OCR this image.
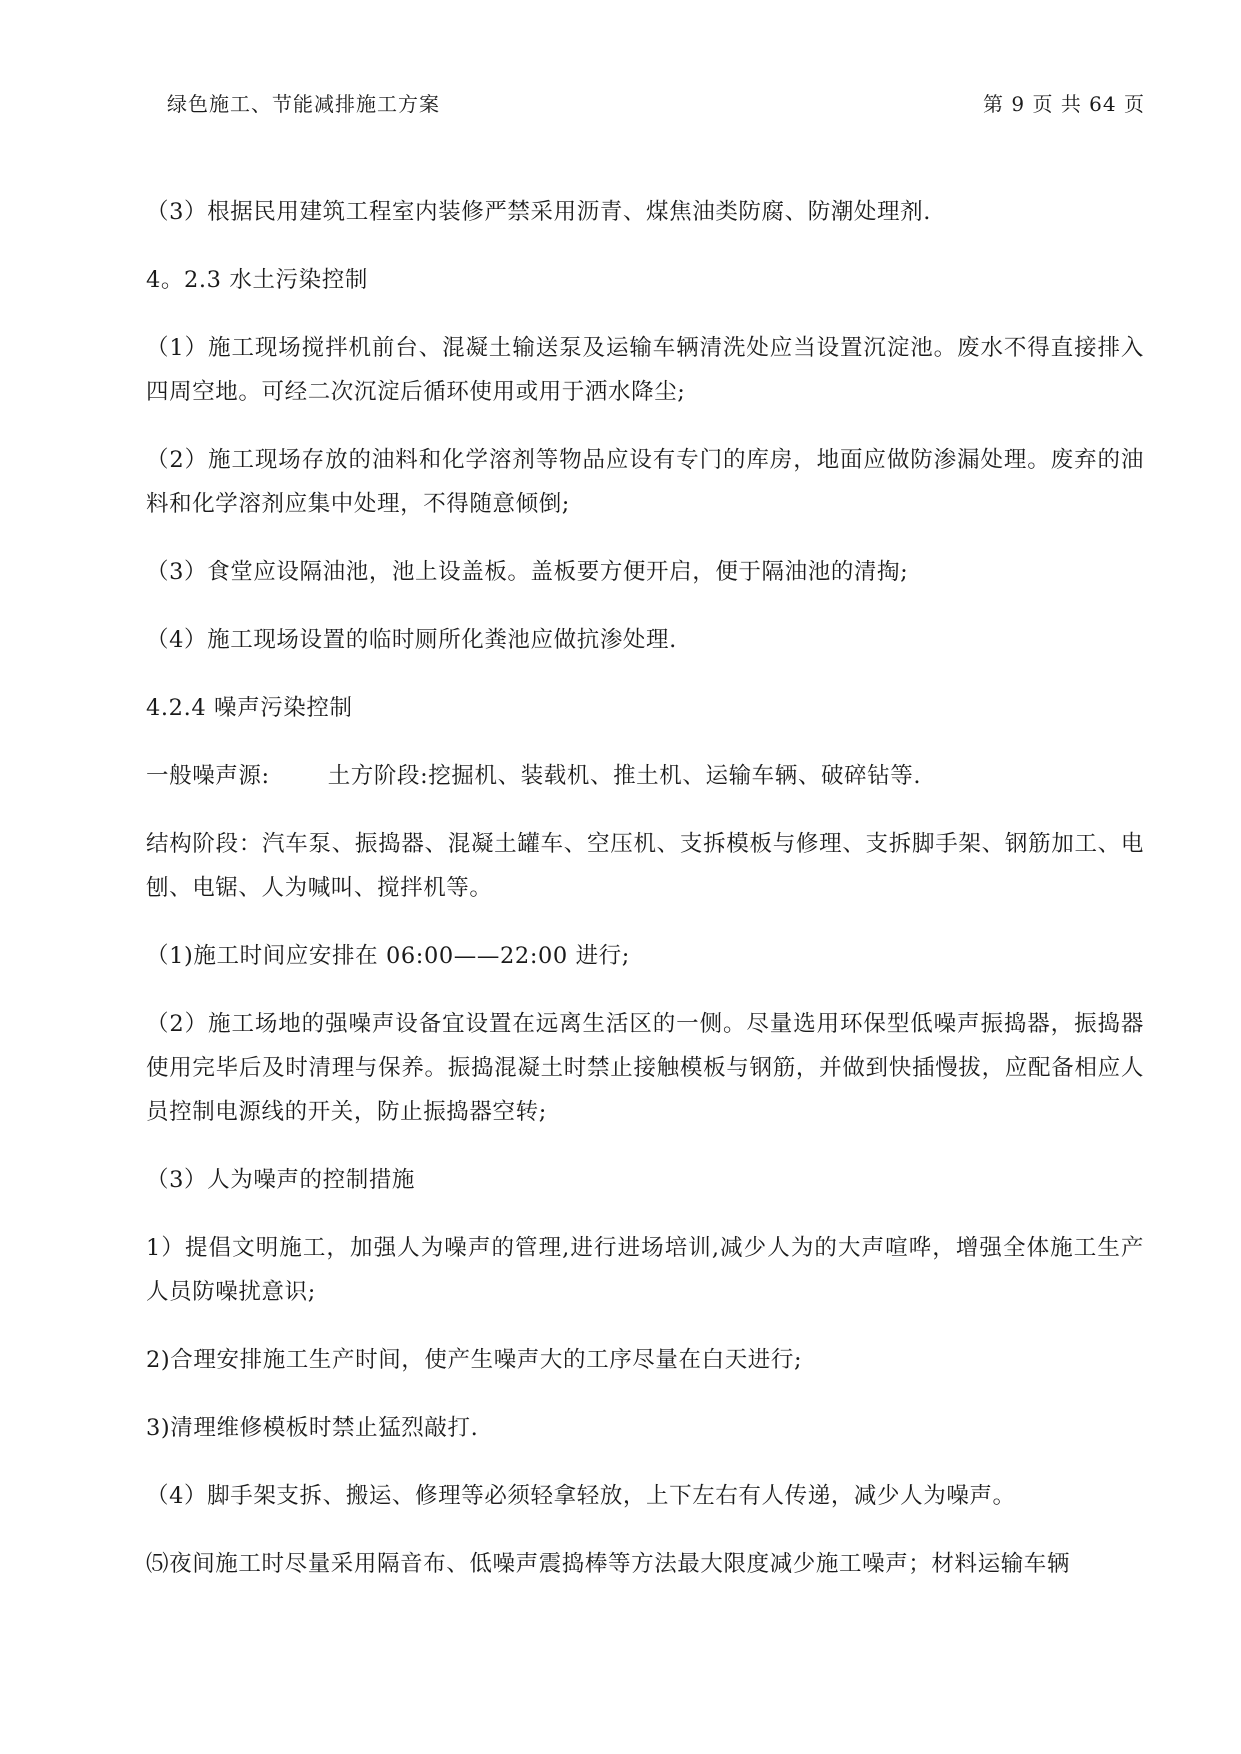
绿色施工、节能减排施工方案	第 9 页 共 64 页

（3）根据民用建筑工程室内装修严禁采用沥青、煤焦油类防腐、防潮处理剂.

4。2.3 水土污染控制

（1）施工现场搅拌机前台、混凝土输送泵及运输车辆清洗处应当设置沉淀池。废水不得直接排入四周空地。可经二次沉淀后循环使用或用于洒水降尘;

（2）施工现场存放的油料和化学溶剂等物品应设有专门的库房，地面应做防渗漏处理。废弃的油料和化学溶剂应集中处理，不得随意倾倒;

（3）食堂应设隔油池，池上设盖板。盖板要方便开启，便于隔油池的清掏;

（4）施工现场设置的临时厕所化粪池应做抗渗处理.

4.2.4 噪声污染控制

一般噪声源:	土方阶段:挖掘机、装载机、推土机、运输车辆、破碎钻等.

结构阶段：汽车泵、振捣器、混凝土罐车、空压机、支拆模板与修理、支拆脚手架、钢筋加工、电刨、电锯、人为喊叫、搅拌机等。

（1)施工时间应安排在 06:00——22:00 进行;

（2）施工场地的强噪声设备宜设置在远离生活区的一侧。尽量选用环保型低噪声振捣器，振捣器使用完毕后及时清理与保养。振捣混凝土时禁止接触模板与钢筋，并做到快插慢拔，应配备相应人员控制电源线的开关，防止振捣器空转;

（3）人为噪声的控制措施

1）提倡文明施工，加强人为噪声的管理,进行进场培训,减少人为的大声喧哗，增强全体施工生产人员防噪扰意识;

2)合理安排施工生产时间，使产生噪声大的工序尽量在白天进行;

3)清理维修模板时禁止猛烈敲打.

（4）脚手架支拆、搬运、修理等必须轻拿轻放，上下左右有人传递，减少人为噪声。

⑸夜间施工时尽量采用隔音布、低噪声震捣棒等方法最大限度减少施工噪声；材料运输车辆
